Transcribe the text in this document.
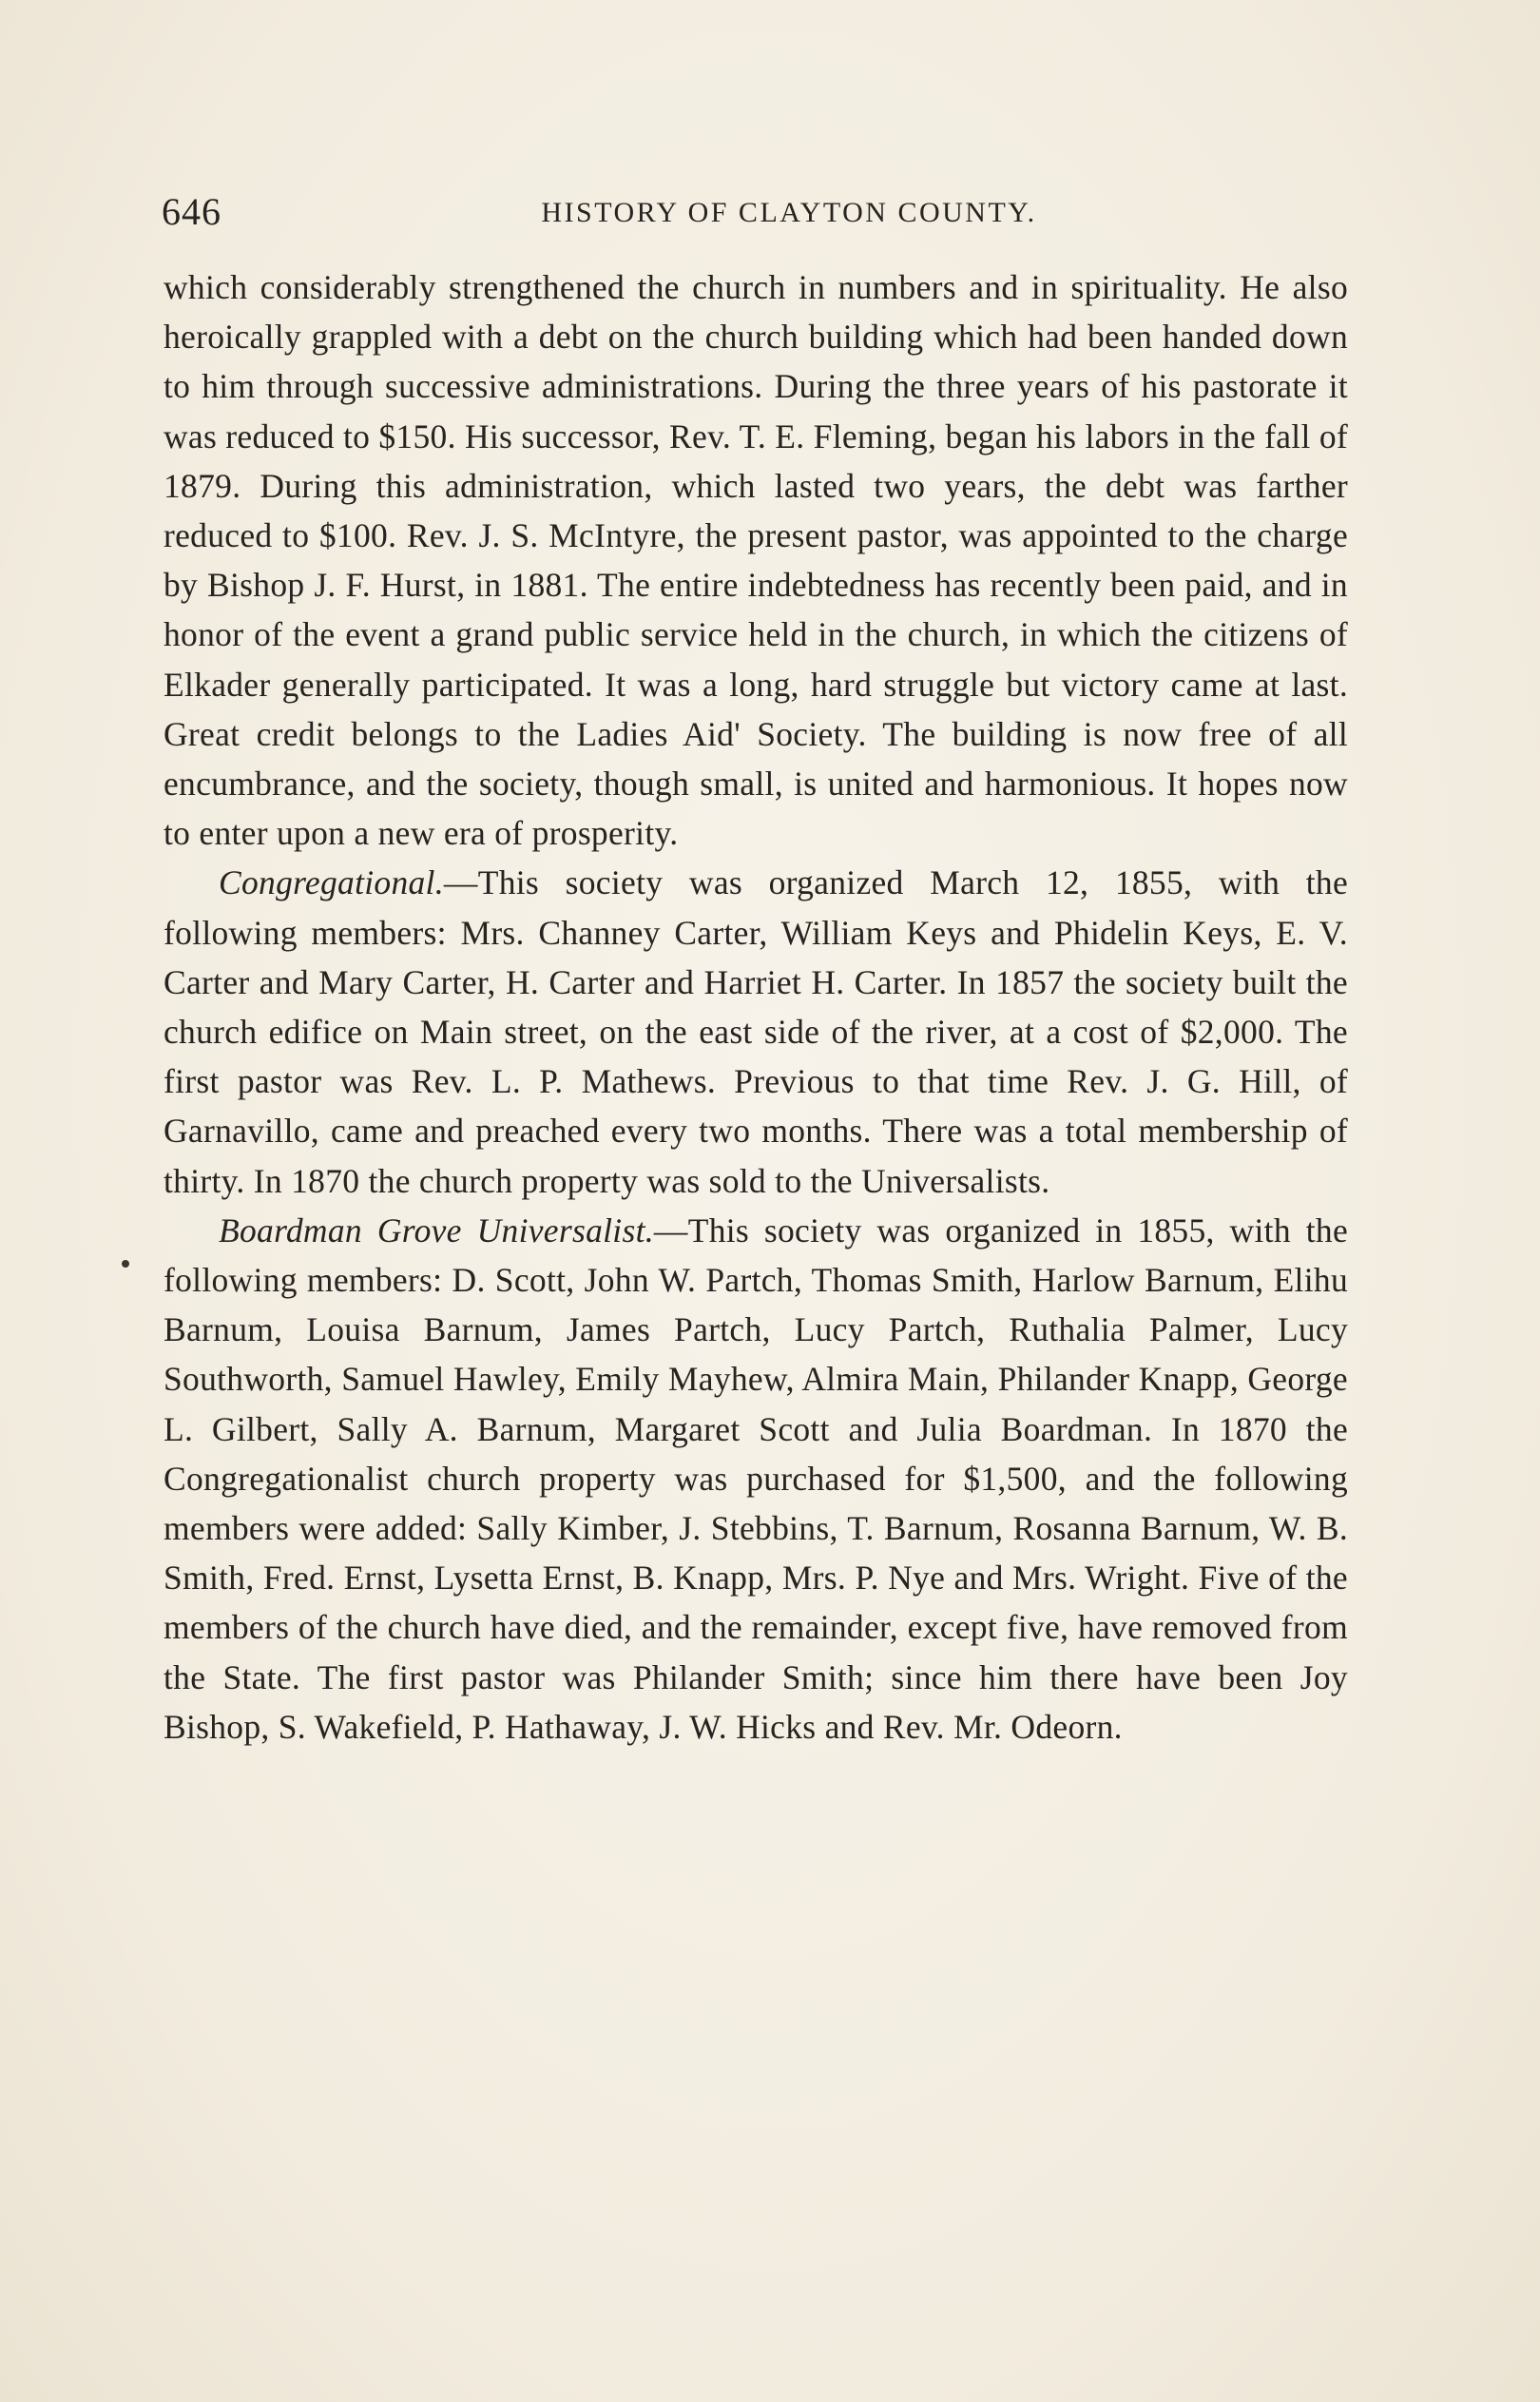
646	HISTORY OF CLAYTON COUNTY.

which considerably strengthened the church in numbers and in spirituality. He also heroically grappled with a debt on the church building which had been handed down to him through successive administrations. During the three years of his pastorate it was reduced to $150. His successor, Rev. T. E. Fleming, began his labors in the fall of 1879. During this administration, which lasted two years, the debt was farther reduced to $100. Rev. J. S. McIntyre, the present pastor, was appointed to the charge by Bishop J. F. Hurst, in 1881. The entire indebtedness has recently been paid, and in honor of the event a grand public service held in the church, in which the citizens of Elkader generally participated. It was a long, hard struggle but victory came at last. Great credit belongs to the Ladies Aid' Society. The building is now free of all encumbrance, and the society, though small, is united and harmonious. It hopes now to enter upon a new era of prosperity.

Congregational.—This society was organized March 12, 1855, with the following members: Mrs. Channey Carter, William Keys and Phidelin Keys, E. V. Carter and Mary Carter, H. Carter and Harriet H. Carter. In 1857 the society built the church edifice on Main street, on the east side of the river, at a cost of $2,000. The first pastor was Rev. L. P. Mathews. Previous to that time Rev. J. G. Hill, of Garnavillo, came and preached every two months. There was a total membership of thirty. In 1870 the church property was sold to the Universalists.

Boardman Grove Universalist.—This society was organized in 1855, with the following members: D. Scott, John W. Partch, Thomas Smith, Harlow Barnum, Elihu Barnum, Louisa Barnum, James Partch, Lucy Partch, Ruthalia Palmer, Lucy Southworth, Samuel Hawley, Emily Mayhew, Almira Main, Philander Knapp, George L. Gilbert, Sally A. Barnum, Margaret Scott and Julia Boardman. In 1870 the Congregationalist church property was purchased for $1,500, and the following members were added: Sally Kimber, J. Stebbins, T. Barnum, Rosanna Barnum, W. B. Smith, Fred. Ernst, Lysetta Ernst, B. Knapp, Mrs. P. Nye and Mrs. Wright. Five of the members of the church have died, and the remainder, except five, have removed from the State. The first pastor was Philander Smith; since him there have been Joy Bishop, S. Wakefield, P. Hathaway, J. W. Hicks and Rev. Mr. Odeorn.
